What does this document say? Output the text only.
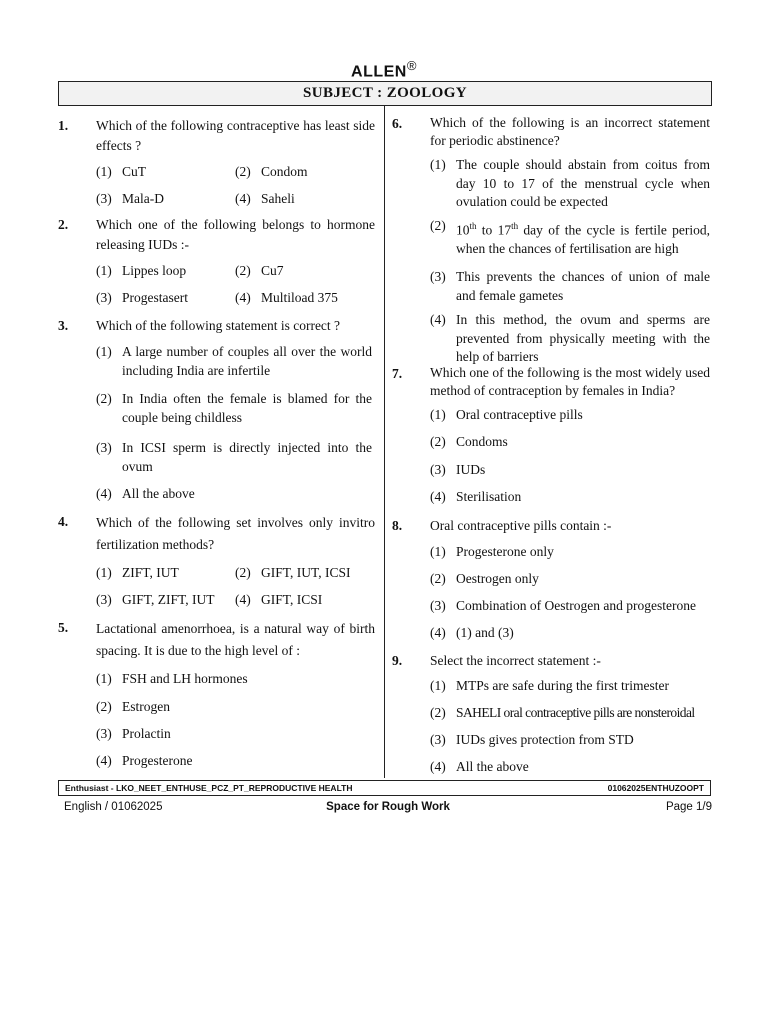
ALLEN®
SUBJECT : ZOOLOGY
1. Which of the following contraceptive has least side effects ?
(1) CuT	(2) Condom
(3) Mala-D	(4) Saheli
2. Which one of the following belongs to hormone releasing IUDs :-
(1) Lippes loop	(2) Cu7
(3) Progestasert	(4) Multiload 375
3. Which of the following statement is correct ?
(1) A large number of couples all over the world including India are infertile
(2) In India often the female is blamed for the couple being childless
(3) In ICSI sperm is directly injected into the ovum
(4) All the above
4. Which of the following set involves only invitro fertilization methods?
(1) ZIFT, IUT	(2) GIFT, IUT, ICSI
(3) GIFT, ZIFT, IUT	(4) GIFT, ICSI
5. Lactational amenorrhoea, is a natural way of birth spacing. It is due to the high level of :
(1) FSH and LH hormones
(2) Estrogen
(3) Prolactin
(4) Progesterone
6. Which of the following is an incorrect statement for periodic abstinence?
(1) The couple should abstain from coitus from day 10 to 17 of the menstrual cycle when ovulation could be expected
(2) 10th to 17th day of the cycle is fertile period, when the chances of fertilisation are high
(3) This prevents the chances of union of male and female gametes
(4) In this method, the ovum and sperms are prevented from physically meeting with the help of barriers
7. Which one of the following is the most widely used method of contraception by females in India?
(1) Oral contraceptive pills
(2) Condoms
(3) IUDs
(4) Sterilisation
8. Oral contraceptive pills contain :-
(1) Progesterone only
(2) Oestrogen only
(3) Combination of Oestrogen and progesterone
(4) (1) and (3)
9. Select the incorrect statement :-
(1) MTPs are safe during the first trimester
(2) SAHELI oral contraceptive pills are nonsteroidal
(3) IUDs gives protection from STD
(4) All the above
Enthusiast - LKO_NEET_ENTHUSE_PCZ_PT_REPRODUCTIVE HEALTH	01062025ENTHUZOOPT
English / 01062025	Space for Rough Work	Page 1/9
